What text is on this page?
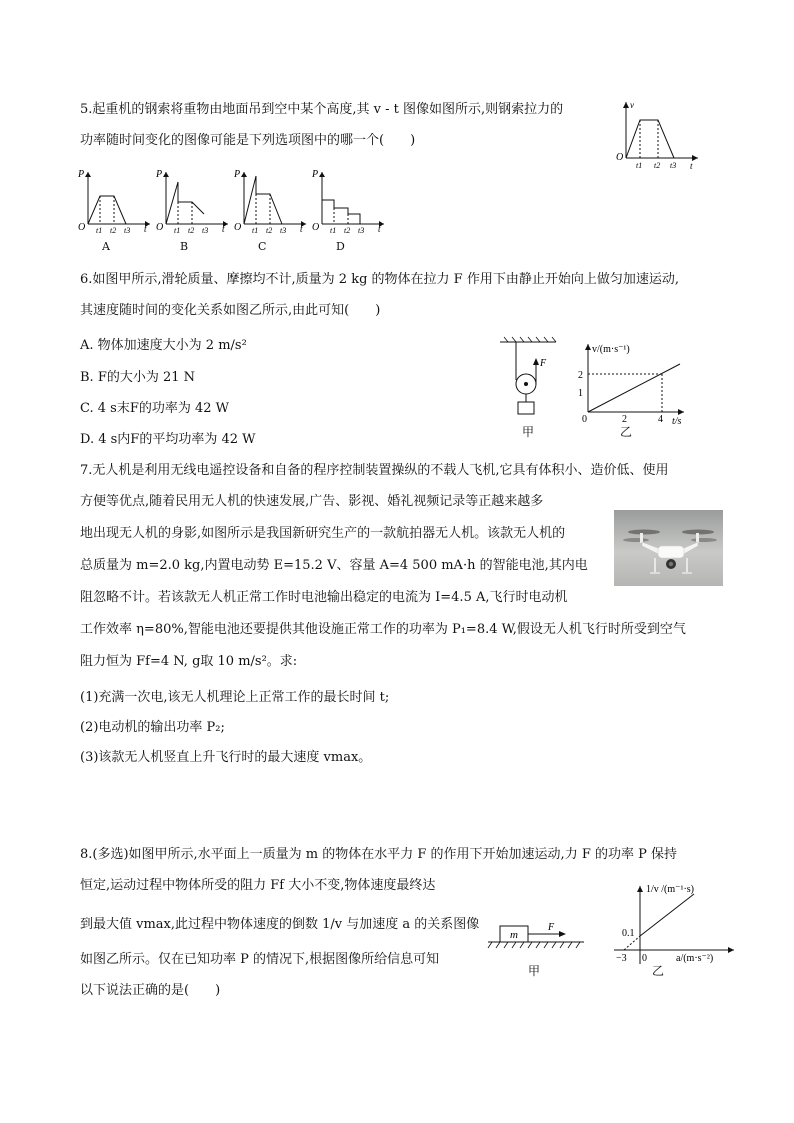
5.起重机的钢索将重物由地面吊到空中某个高度,其 v - t 图像如图所示,则钢索拉力的
功率随时间变化的图像可能是下列选项图中的哪一个(　　)
O
v
t1 t2 t3 t
P
O t1 t2 t3 t
P
O t1 t2 t3 t
P
O t1 t2 t3 t
P
O t1 t2 t3 t
A	B	C	D
6.如图甲所示,滑轮质量、摩擦均不计,质量为 2 kg 的物体在拉力 F 作用下由静止开始向上做匀加速运动,
其速度随时间的变化关系如图乙所示,由此可知(　　)
A. 物体加速度大小为 2 m/s²
B. F的大小为 21 N
C. 4 s末F的功率为 42 W
D. 4 s内F的平均功率为 42 W
F
甲
v/(m·s⁻¹)
1
2
0	2	4 t/s
乙
7.无人机是利用无线电遥控设备和自备的程序控制装置操纵的不载人飞机,它具有体积小、造价低、使用
方便等优点,随着民用无人机的快速发展,广告、影视、婚礼视频记录等正越来越多
地出现无人机的身影,如图所示是我国新研究生产的一款航拍器无人机。该款无人机的
总质量为 m=2.0 kg,内置电动势 E=15.2 V、容量 A=4 500 mA·h 的智能电池,其内电
阻忽略不计。若该款无人机正常工作时电池输出稳定的电流为 I=4.5 A,飞行时电动机
工作效率 η=80%,智能电池还要提供其他设施正常工作的功率为 P₁=8.4 W,假设无人机飞行时所受到空气
阻力恒为 Ff=4 N, g取 10 m/s²。求:
(1)充满一次电,该无人机理论上正常工作的最长时间 t;
(2)电动机的输出功率 P₂;
(3)该款无人机竖直上升飞行时的最大速度 vmax。
8.(多选)如图甲所示,水平面上一质量为 m 的物体在水平力 F 的作用下开始加速运动,力 F 的功率 P 保持
恒定,运动过程中物体所受的阻力 Ff 大小不变,物体速度最终达
到最大值 vmax,此过程中物体速度的倒数 1/v 与加速度 a 的关系图像
如图乙所示。仅在已知功率 P 的情况下,根据图像所给信息可知
以下说法正确的是(　　)
m
F
甲
1/v /(m⁻¹·s)
0.1
−3 0	a/(m·s⁻²)
乙
